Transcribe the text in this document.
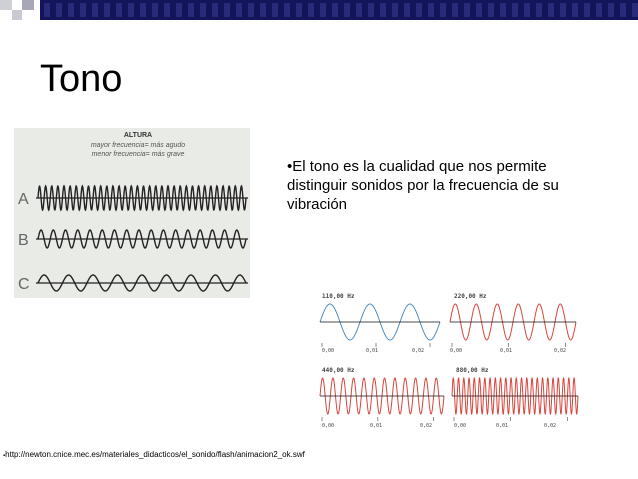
Tono
•El tono es la cualidad que nos permite distinguir sonidos por la frecuencia de su vibración
ALTURA
mayor frecuencia= más agudo
menor frecuencia= más grave
A
B
C
110,00 Hz
0,00	0,01	0,02
220,00 Hz
0,00	0,01	0,02
440,00 Hz
0,00	0,01	0,02
880,00 Hz
0,00	0,01	0,02
▪http://newton.cnice.mec.es/materiales_didacticos/el_sonido/flash/animacion2_ok.swf
